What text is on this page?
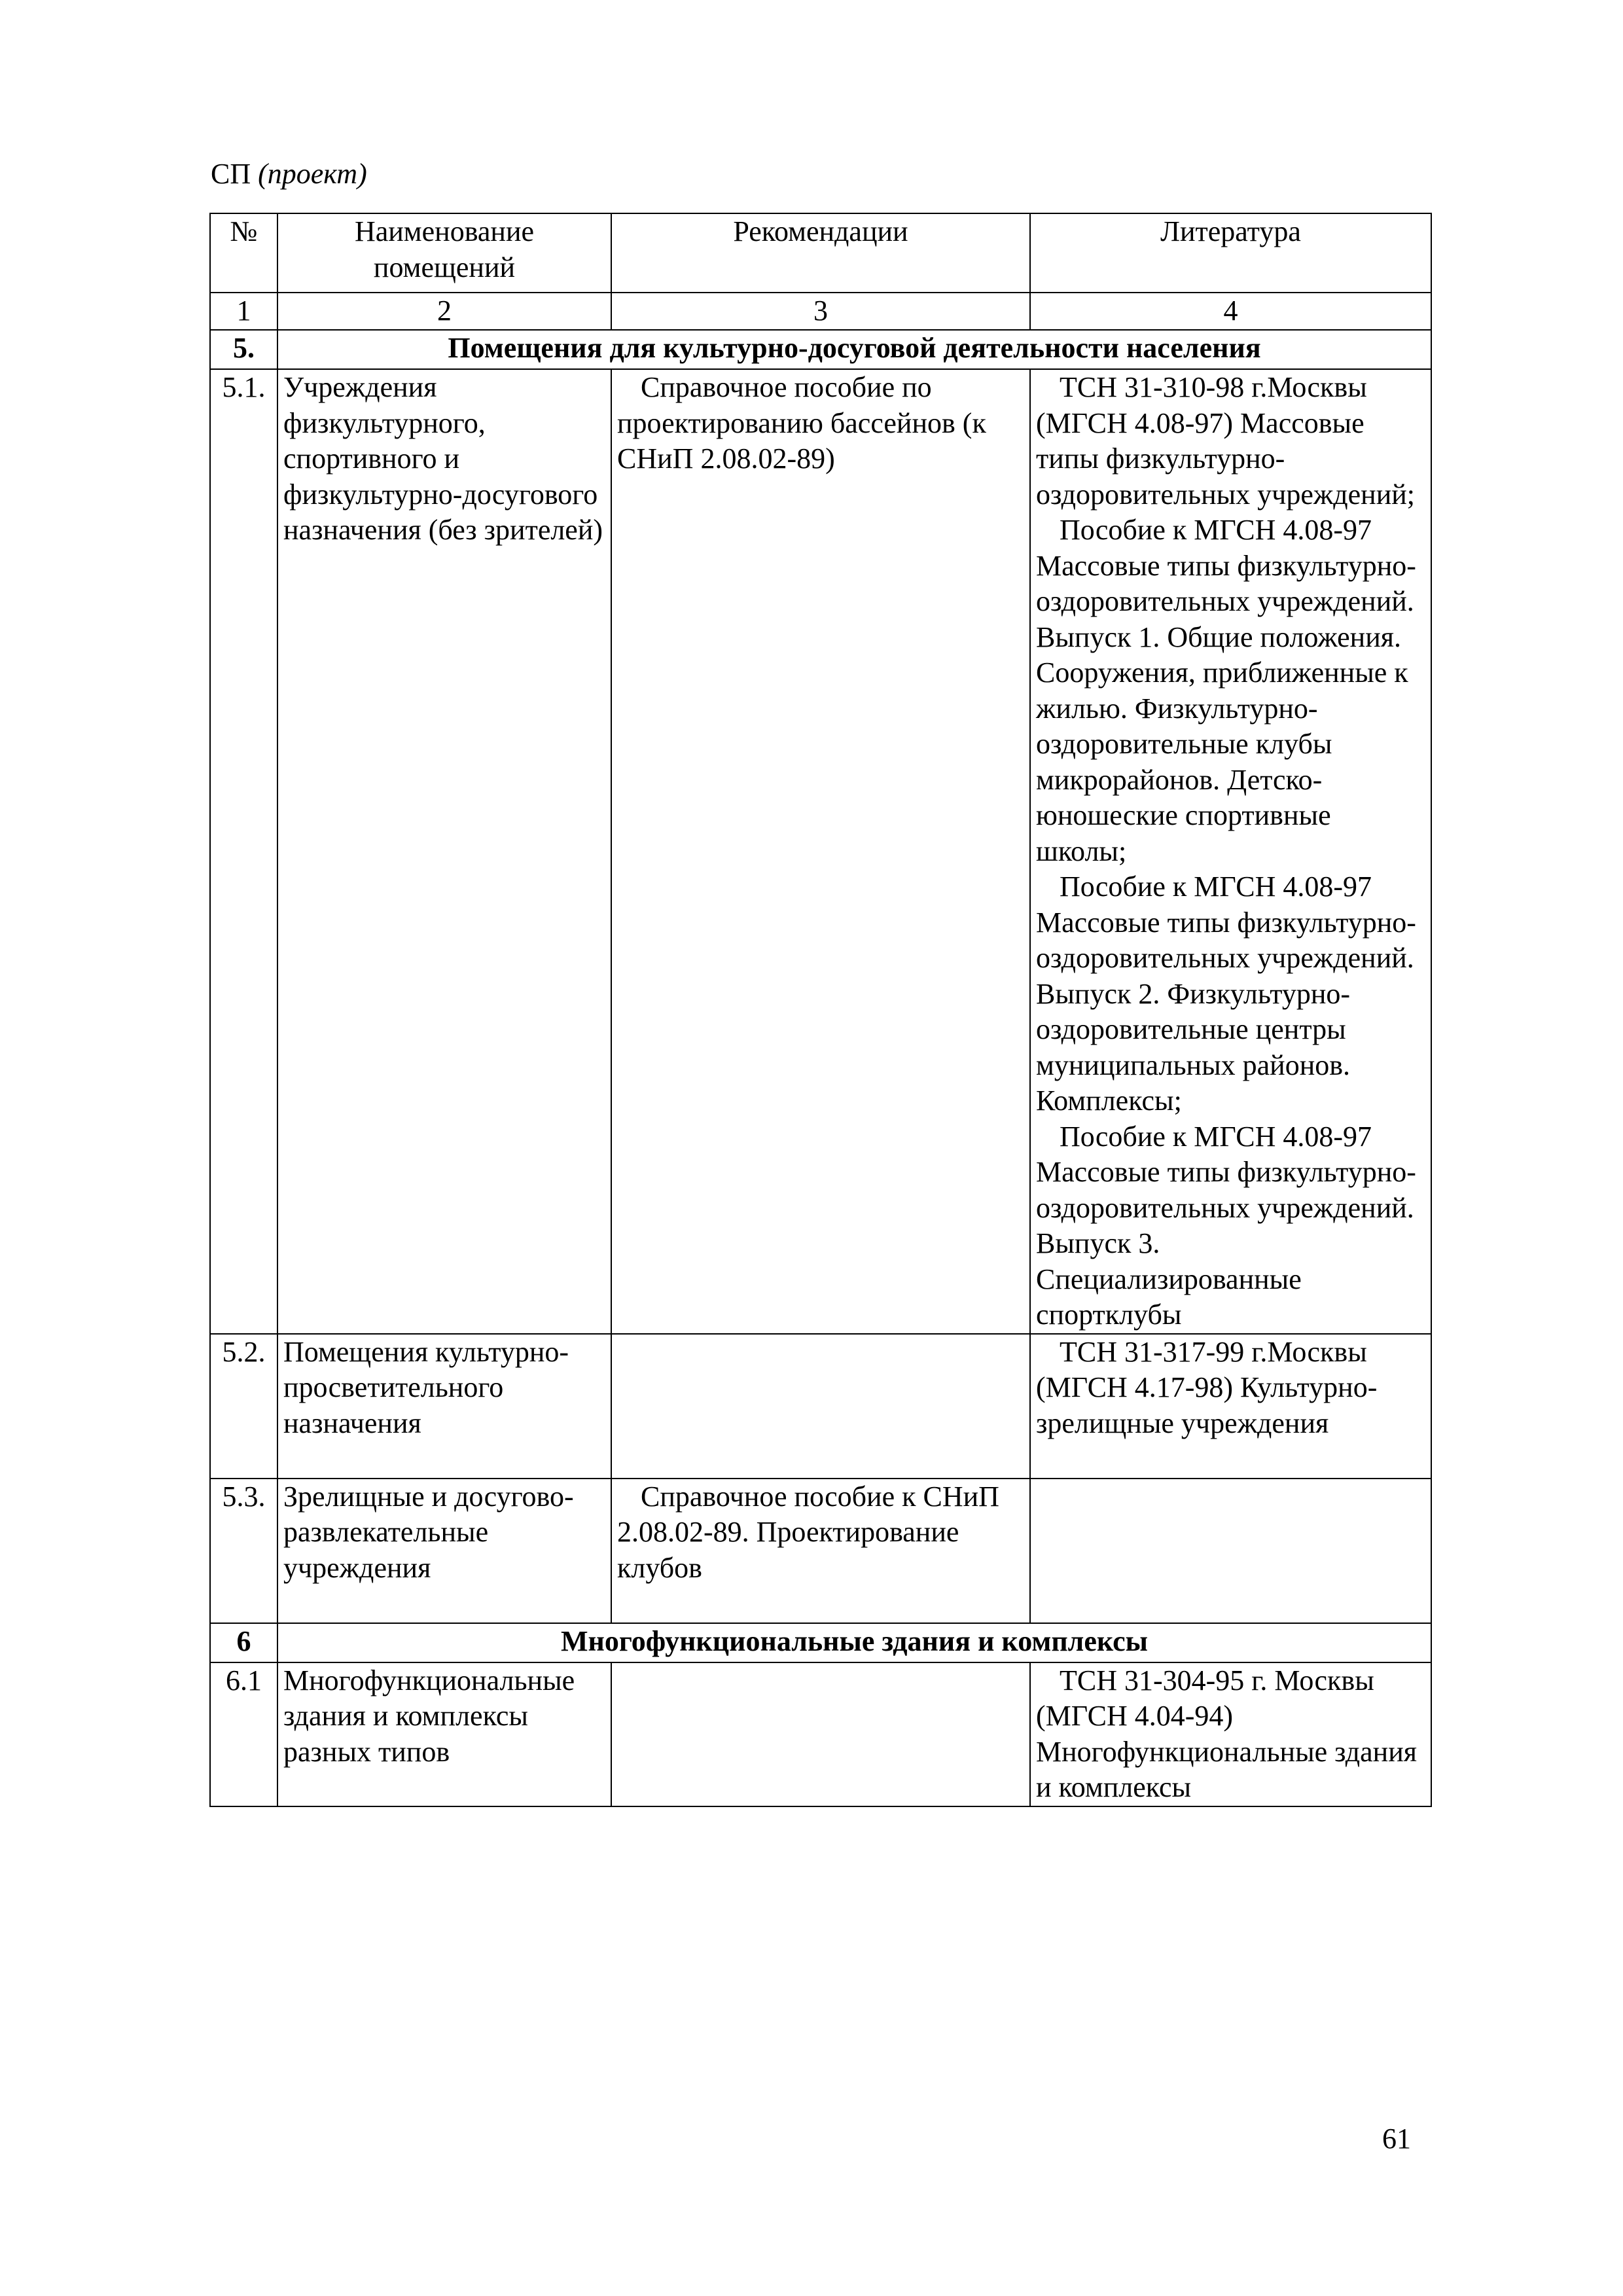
СП (проект)
№	Наименование помещений	Рекомендации	Литература
1	2	3	4
5.	Помещения для культурно-досуговой деятельности населения		
5.1.	Учреждения физкультурного, спортивного и физкультурно-досугового назначения (без зрителей)	Справочное пособие по проектированию бассейнов (к СНиП 2.08.02-89)	ТСН 31-310-98 г.Москвы (МГСН 4.08-97) Массовые типы физкультурно-оздоровительных учреждений;
Пособие к МГСН 4.08-97 Массовые типы физкультурно-оздоровительных учреждений. Выпуск 1. Общие положения. Сооружения, приближенные к жилью. Физкультурно-оздоровительные клубы микрорайонов. Детско-юношеские спортивные школы;
Пособие к МГСН 4.08-97 Массовые типы физкультурно-оздоровительных учреждений. Выпуск 2. Физкультурно-оздоровительные центры муниципальных районов. Комплексы;
Пособие к МГСН 4.08-97 Массовые типы физкультурно-оздоровительных учреждений. Выпуск 3. Специализированные спортклубы

5.2.	Помещения культурно-просветительного назначения		ТСН 31-317-99 г.Москвы (МГСН 4.17-98) Культурно-зрелищные учреждения
5.3.	Зрелищные и досугово-развлекательные учреждения	Справочное пособие к СНиП 2.08.02-89. Проектирование клубов	
6	Многофункциональные здания и комплексы		
6.1	Многофункциональные здания и комплексы разных типов		ТСН 31-304-95 г. Москвы (МГСН 4.04-94) Многофункциональные здания и комплексы
61
